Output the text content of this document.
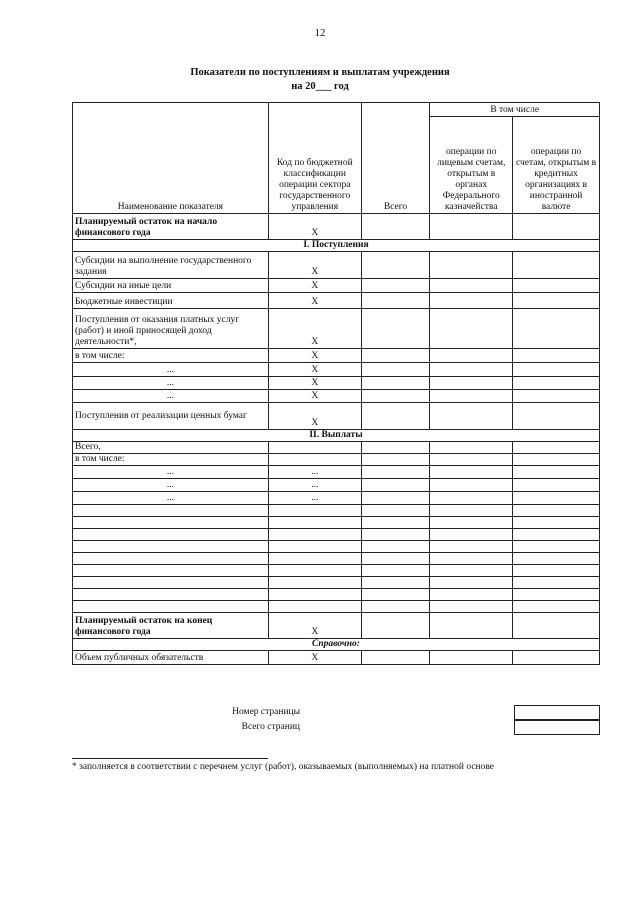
12
Показатели по поступлениям и выплатам учреждения
на 20___ год
Наименование показателя	Код по бюджетной классификации операции сектора государственного управления	Всего	В том числе	
			операции по лицевым счетам, открытым в органах Федерального казначейства	операции по счетам, открытым в кредитных организациях в иностранной валюте
Планируемый остаток на начало финансового года	Х			
I. Поступления				
Субсидии на выполнение государственного задания	Х			
Субсидии на иные цели	Х			
Бюджетные инвестиции	Х			
Поступления от оказания платных услуг (работ) и иной приносящей доход деятельности*,	Х			
в том числе:	Х			
...	Х			
...	Х			
...	Х			
Поступления от реализации ценных бумаг	Х			
II. Выплаты				
Всего,				
в том числе:				
...	...			
...	...			
...	...			

Планируемый остаток на конец финансового года	Х			
Справочно:				
Объем публичных обязательств	Х			
Номер страницы
Всего страниц
* заполняется в соответствии с перечнем услуг (работ), оказываемых (выполняемых) на платной основе
